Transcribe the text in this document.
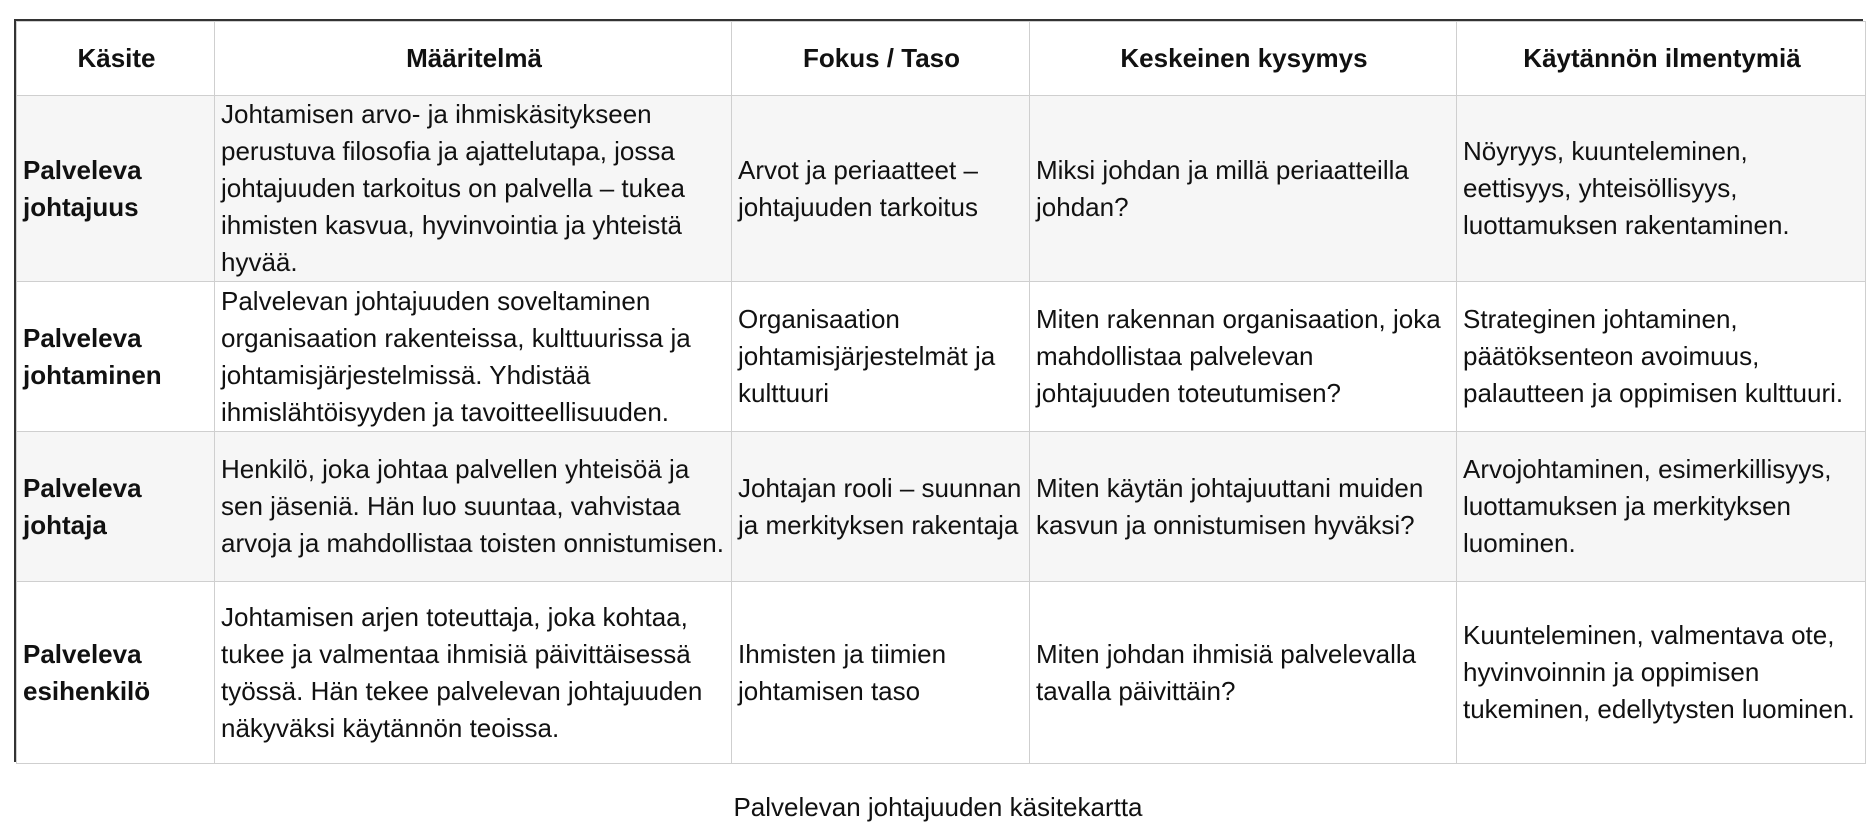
Käsite	Määritelmä	Fokus / Taso	Keskeinen kysymys	Käytännön ilmentymiä
Palveleva johtajuus	Johtamisen arvo- ja ihmiskäsitykseen perustuva filosofia ja ajattelutapa, jossa johtajuuden tarkoitus on palvella – tukea ihmisten kasvua, hyvinvointia ja yhteistä hyvää.	Arvot ja periaatteet – johtajuuden tarkoitus	Miksi johdan ja millä periaatteilla johdan?	Nöyryys, kuunteleminen, eettisyys, yhteisöllisyys, luottamuksen rakentaminen.
Palveleva johtaminen	Palvelevan johtajuuden soveltaminen organisaation rakenteissa, kulttuurissa ja johtamisjärjestelmissä. Yhdistää ihmislähtöisyyden ja tavoitteellisuuden.	Organisaation johtamisjärjestelmät ja kulttuuri	Miten rakennan organisaation, joka mahdollistaa palvelevan johtajuuden toteutumisen?	Strateginen johtaminen, päätöksenteon avoimuus, palautteen ja oppimisen kulttuuri.
Palveleva johtaja	Henkilö, joka johtaa palvellen yhteisöä ja sen jäseniä. Hän luo suuntaa, vahvistaa arvoja ja mahdollistaa toisten onnistumisen.	Johtajan rooli – suunnan ja merkityksen rakentaja	Miten käytän johtajuuttani muiden kasvun ja onnistumisen hyväksi?	Arvojohtaminen, esimerkillisyys, luottamuksen ja merkityksen luominen.
Palveleva esihenkilö	Johtamisen arjen toteuttaja, joka kohtaa, tukee ja valmentaa ihmisiä päivittäisessä työssä. Hän tekee palvelevan johtajuuden näkyväksi käytännön teoissa.	Ihmisten ja tiimien johtamisen taso	Miten johdan ihmisiä palvelevalla tavalla päivittäin?	Kuunteleminen, valmentava ote, hyvinvoinnin ja oppimisen tukeminen, edellytysten luominen.
Palvelevan johtajuuden käsitekartta
